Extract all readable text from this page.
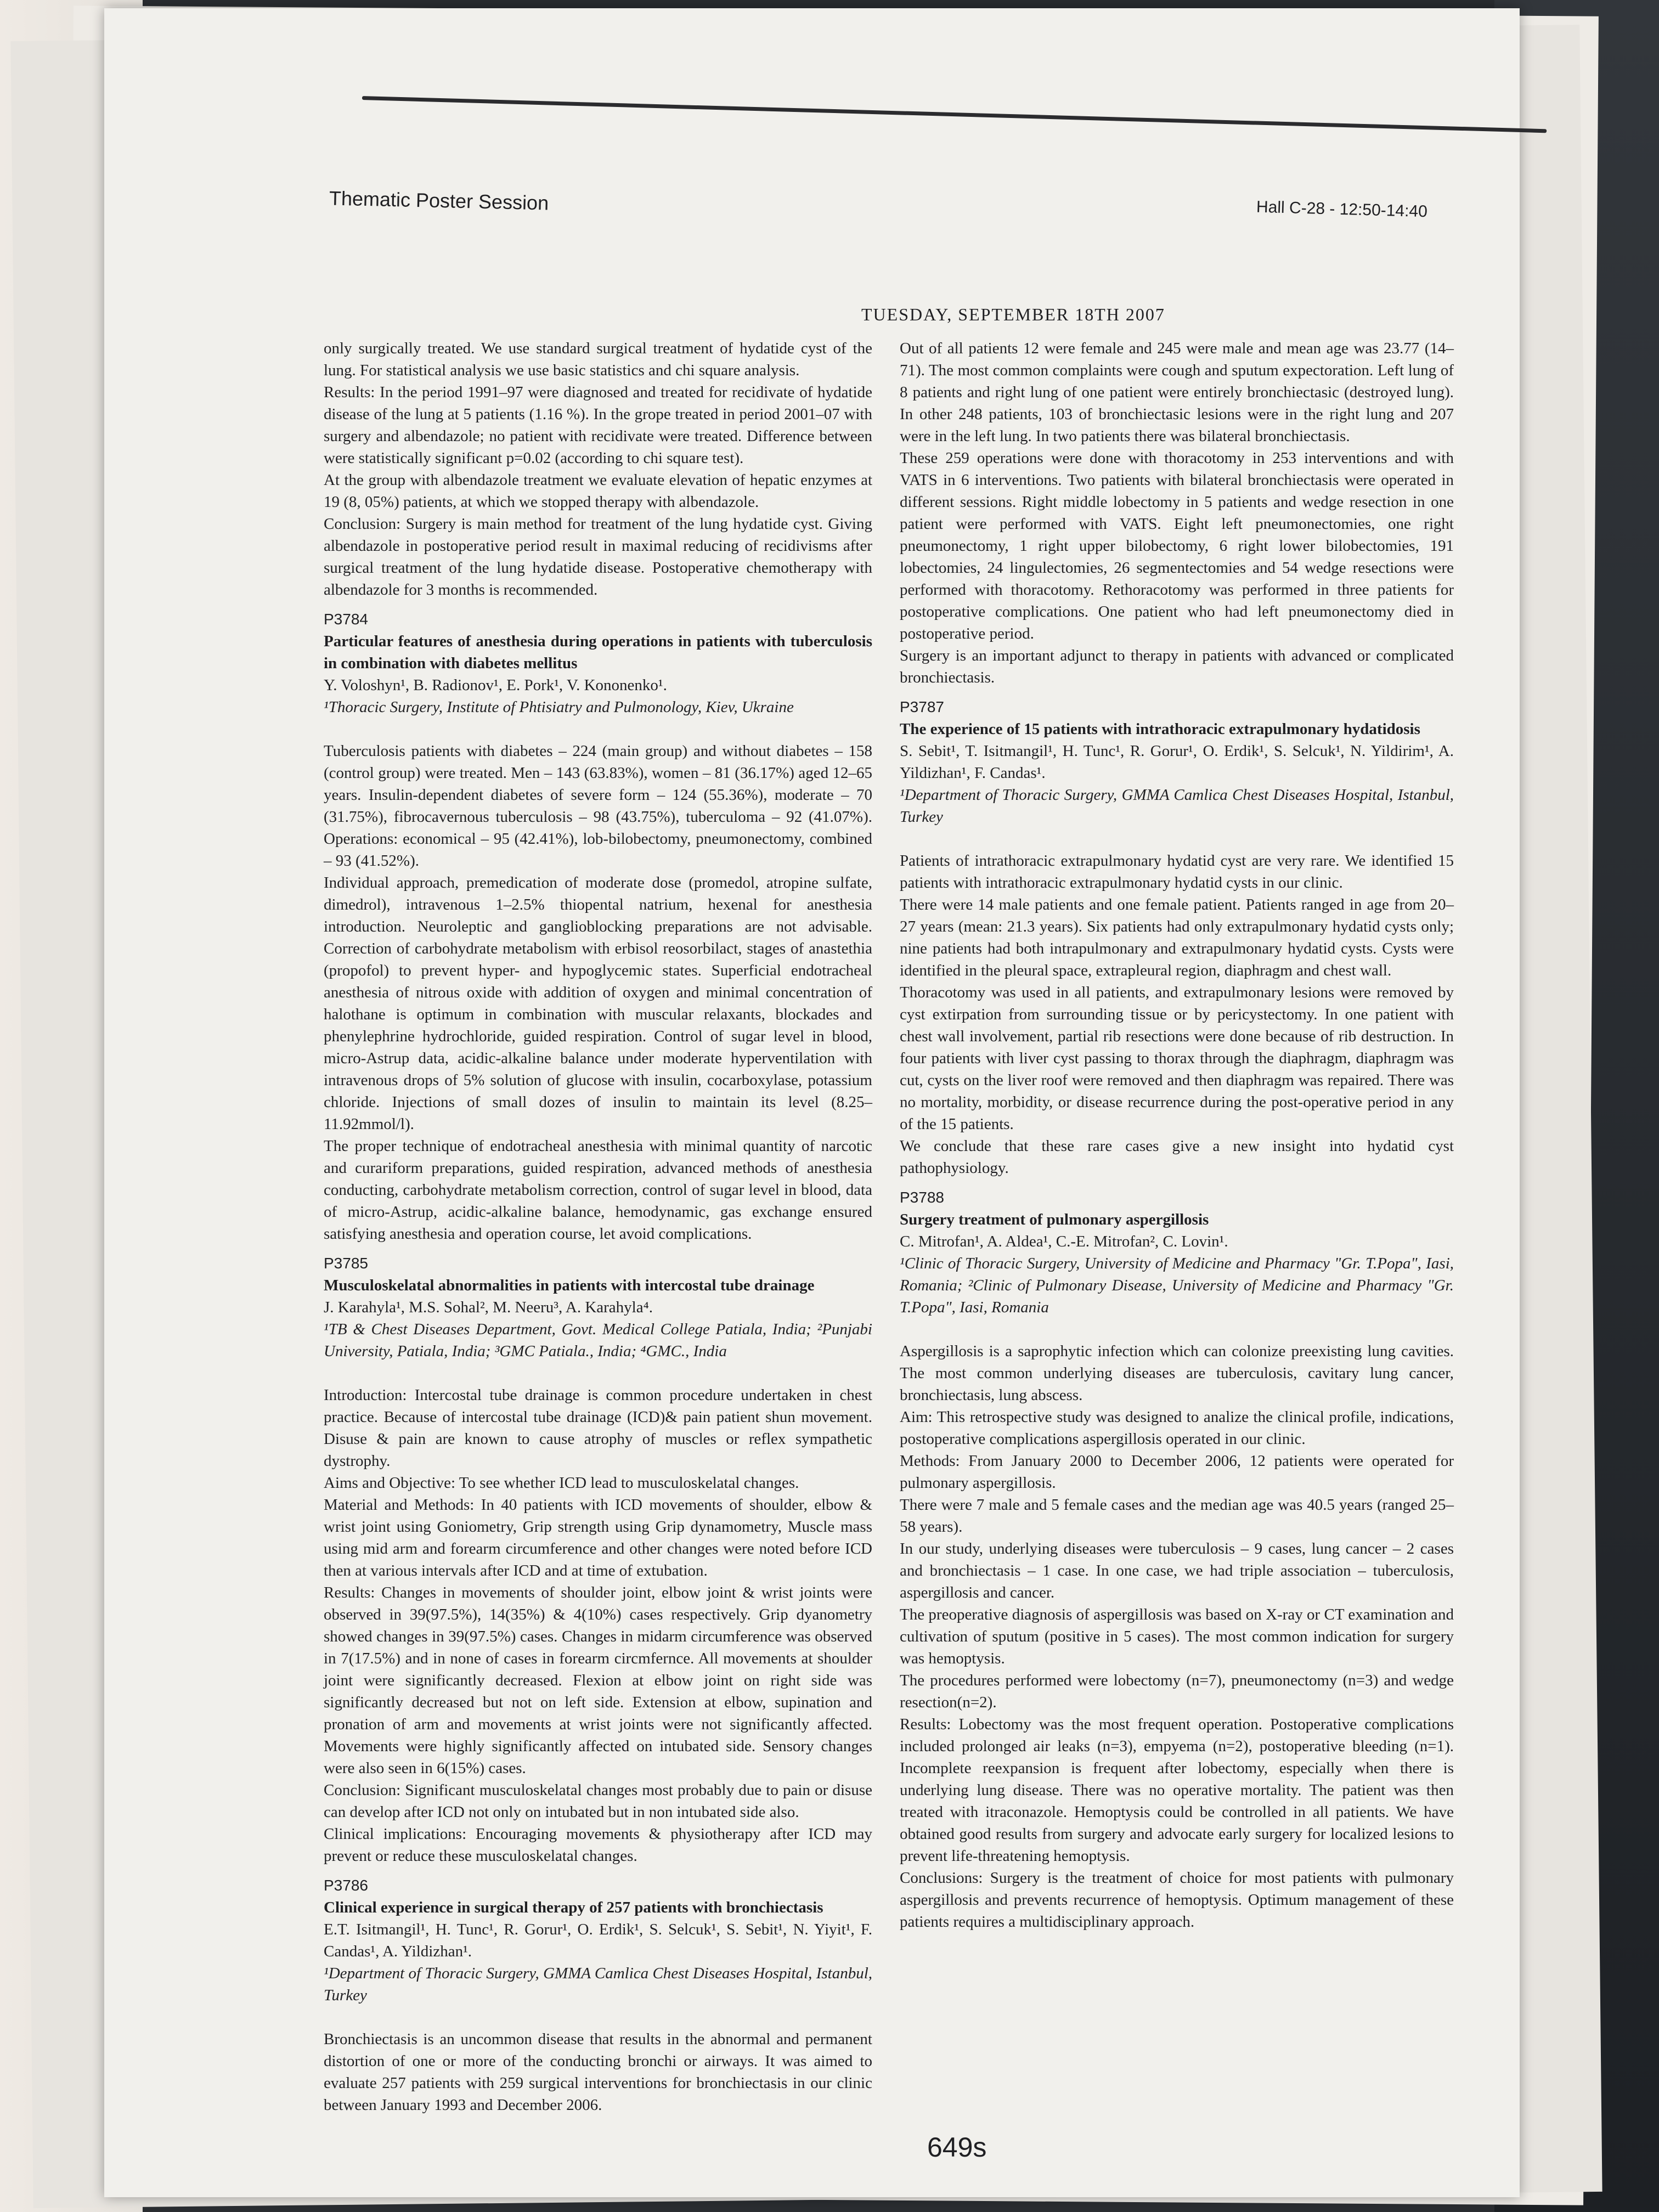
Thematic Poster Session	Hall C-28 - 12:50-14:40
TUESDAY, SEPTEMBER 18TH 2007

only surgically treated. We use standard surgical treatment of hydatide cyst of the lung. For statistical analysis we use basic statistics and chi square analysis.

Results: In the period 1991–97 were diagnosed and treated for recidivate of hydatide disease of the lung at 5 patients (1.16 %). In the grope treated in period 2001–07 with surgery and albendazole; no patient with recidivate were treated. Difference between were statistically significant p=0.02 (according to chi square test).

At the group with albendazole treatment we evaluate elevation of hepatic enzymes at 19 (8, 05%) patients, at which we stopped therapy with albendazole.

Conclusion: Surgery is main method for treatment of the lung hydatide cyst. Giving albendazole in postoperative period result in maximal reducing of recidivisms after surgical treatment of the lung hydatide disease. Postoperative chemotherapy with albendazole for 3 months is recommended.

P3784

Particular features of anesthesia during operations in patients with tuberculosis in combination with diabetes mellitus

Y. Voloshyn¹, B. Radionov¹, E. Pork¹, V. Kononenko¹.

¹Thoracic Surgery, Institute of Phtisiatry and Pulmonology, Kiev, Ukraine

Tuberculosis patients with diabetes – 224 (main group) and without diabetes – 158 (control group) were treated. Men – 143 (63.83%), women – 81 (36.17%) aged 12–65 years. Insulin-dependent diabetes of severe form – 124 (55.36%), moderate – 70 (31.75%), fibrocavernous tuberculosis – 98 (43.75%), tuberculoma – 92 (41.07%). Operations: economical – 95 (42.41%), lob-bilobectomy, pneumonectomy, combined – 93 (41.52%).

Individual approach, premedication of moderate dose (promedol, atropine sulfate, dimedrol), intravenous 1–2.5% thiopental natrium, hexenal for anesthesia introduction. Neuroleptic and ganglioblocking preparations are not advisable. Correction of carbohydrate metabolism with erbisol reosorbilact, stages of anastethia (propofol) to prevent hyper- and hypoglycemic states. Superficial endotracheal anesthesia of nitrous oxide with addition of oxygen and minimal concentration of halothane is optimum in combination with muscular relaxants, blockades and phenylephrine hydrochloride, guided respiration. Control of sugar level in blood, micro-Astrup data, acidic-alkaline balance under moderate hyperventilation with intravenous drops of 5% solution of glucose with insulin, cocarboxylase, potassium chloride. Injections of small dozes of insulin to maintain its level (8.25–11.92mmol/l).

The proper technique of endotracheal anesthesia with minimal quantity of narcotic and curariform preparations, guided respiration, advanced methods of anesthesia conducting, carbohydrate metabolism correction, control of sugar level in blood, data of micro-Astrup, acidic-alkaline balance, hemodynamic, gas exchange ensured satisfying anesthesia and operation course, let avoid complications.

P3785

Musculoskelatal abnormalities in patients with intercostal tube drainage

J. Karahyla¹, M.S. Sohal², M. Neeru³, A. Karahyla⁴.

¹TB & Chest Diseases Department, Govt. Medical College Patiala, India; ²Punjabi University, Patiala, India; ³GMC Patiala., India; ⁴GMC., India

Introduction: Intercostal tube drainage is common procedure undertaken in chest practice. Because of intercostal tube drainage (ICD)& pain patient shun movement. Disuse & pain are known to cause atrophy of muscles or reflex sympathetic dystrophy.

Aims and Objective: To see whether ICD lead to musculoskelatal changes.

Material and Methods: In 40 patients with ICD movements of shoulder, elbow & wrist joint using Goniometry, Grip strength using Grip dynamometry, Muscle mass using mid arm and forearm circumference and other changes were noted before ICD then at various intervals after ICD and at time of extubation.

Results: Changes in movements of shoulder joint, elbow joint & wrist joints were observed in 39(97.5%), 14(35%) & 4(10%) cases respectively. Grip dyanometry showed changes in 39(97.5%) cases. Changes in midarm circumference was observed in 7(17.5%) and in none of cases in forearm circmfernce. All movements at shoulder joint were significantly decreased. Flexion at elbow joint on right side was significantly decreased but not on left side. Extension at elbow, supination and pronation of arm and movements at wrist joints were not significantly affected. Movements were highly significantly affected on intubated side. Sensory changes were also seen in 6(15%) cases.

Conclusion: Significant musculoskelatal changes most probably due to pain or disuse can develop after ICD not only on intubated but in non intubated side also.

Clinical implications: Encouraging movements & physiotherapy after ICD may prevent or reduce these musculoskelatal changes.

P3786

Clinical experience in surgical therapy of 257 patients with bronchiectasis

E.T. Isitmangil¹, H. Tunc¹, R. Gorur¹, O. Erdik¹, S. Selcuk¹, S. Sebit¹, N. Yiyit¹, F. Candas¹, A. Yildizhan¹.

¹Department of Thoracic Surgery, GMMA Camlica Chest Diseases Hospital, Istanbul, Turkey

Bronchiectasis is an uncommon disease that results in the abnormal and permanent distortion of one or more of the conducting bronchi or airways. It was aimed to evaluate 257 patients with 259 surgical interventions for bronchiectasis in our clinic between January 1993 and December 2006.

Out of all patients 12 were female and 245 were male and mean age was 23.77 (14–71). The most common complaints were cough and sputum expectoration. Left lung of 8 patients and right lung of one patient were entirely bronchiectasic (destroyed lung). In other 248 patients, 103 of bronchiectasic lesions were in the right lung and 207 were in the left lung. In two patients there was bilateral bronchiectasis.

These 259 operations were done with thoracotomy in 253 interventions and with VATS in 6 interventions. Two patients with bilateral bronchiectasis were operated in different sessions. Right middle lobectomy in 5 patients and wedge resection in one patient were performed with VATS. Eight left pneumonectomies, one right pneumonectomy, 1 right upper bilobectomy, 6 right lower bilobectomies, 191 lobectomies, 24 lingulectomies, 26 segmentectomies and 54 wedge resections were performed with thoracotomy. Rethoracotomy was performed in three patients for postoperative complications. One patient who had left pneumonectomy died in postoperative period.

Surgery is an important adjunct to therapy in patients with advanced or complicated bronchiectasis.

P3787

The experience of 15 patients with intrathoracic extrapulmonary hydatidosis

S. Sebit¹, T. Isitmangil¹, H. Tunc¹, R. Gorur¹, O. Erdik¹, S. Selcuk¹, N. Yildirim¹, A. Yildizhan¹, F. Candas¹.

¹Department of Thoracic Surgery, GMMA Camlica Chest Diseases Hospital, Istanbul, Turkey

Patients of intrathoracic extrapulmonary hydatid cyst are very rare. We identified 15 patients with intrathoracic extrapulmonary hydatid cysts in our clinic.

There were 14 male patients and one female patient. Patients ranged in age from 20–27 years (mean: 21.3 years). Six patients had only extrapulmonary hydatid cysts only; nine patients had both intrapulmonary and extrapulmonary hydatid cysts. Cysts were identified in the pleural space, extrapleural region, diaphragm and chest wall.

Thoracotomy was used in all patients, and extrapulmonary lesions were removed by cyst extirpation from surrounding tissue or by pericystectomy. In one patient with chest wall involvement, partial rib resections were done because of rib destruction. In four patients with liver cyst passing to thorax through the diaphragm, diaphragm was cut, cysts on the liver roof were removed and then diaphragm was repaired. There was no mortality, morbidity, or disease recurrence during the post-operative period in any of the 15 patients.

We conclude that these rare cases give a new insight into hydatid cyst pathophysiology.

P3788

Surgery treatment of pulmonary aspergillosis

C. Mitrofan¹, A. Aldea¹, C.-E. Mitrofan², C. Lovin¹.

¹Clinic of Thoracic Surgery, University of Medicine and Pharmacy "Gr. T.Popa", Iasi, Romania; ²Clinic of Pulmonary Disease, University of Medicine and Pharmacy "Gr. T.Popa", Iasi, Romania

Aspergillosis is a saprophytic infection which can colonize preexisting lung cavities. The most common underlying diseases are tuberculosis, cavitary lung cancer, bronchiectasis, lung abscess.

Aim: This retrospective study was designed to analize the clinical profile, indications, postoperative complications aspergillosis operated in our clinic.

Methods: From January 2000 to December 2006, 12 patients were operated for pulmonary aspergillosis.

There were 7 male and 5 female cases and the median age was 40.5 years (ranged 25–58 years).

In our study, underlying diseases were tuberculosis – 9 cases, lung cancer – 2 cases and bronchiectasis – 1 case. In one case, we had triple association – tuberculosis, aspergillosis and cancer.

The preoperative diagnosis of aspergillosis was based on X-ray or CT examination and cultivation of sputum (positive in 5 cases). The most common indication for surgery was hemoptysis.

The procedures performed were lobectomy (n=7), pneumonectomy (n=3) and wedge resection(n=2).

Results: Lobectomy was the most frequent operation. Postoperative complications included prolonged air leaks (n=3), empyema (n=2), postoperative bleeding (n=1). Incomplete reexpansion is frequent after lobectomy, especially when there is underlying lung disease. There was no operative mortality. The patient was then treated with itraconazole. Hemoptysis could be controlled in all patients. We have obtained good results from surgery and advocate early surgery for localized lesions to prevent life-threatening hemoptysis.

Conclusions: Surgery is the treatment of choice for most patients with pulmonary aspergillosis and prevents recurrence of hemoptysis. Optimum management of these patients requires a multidisciplinary approach.

649s
